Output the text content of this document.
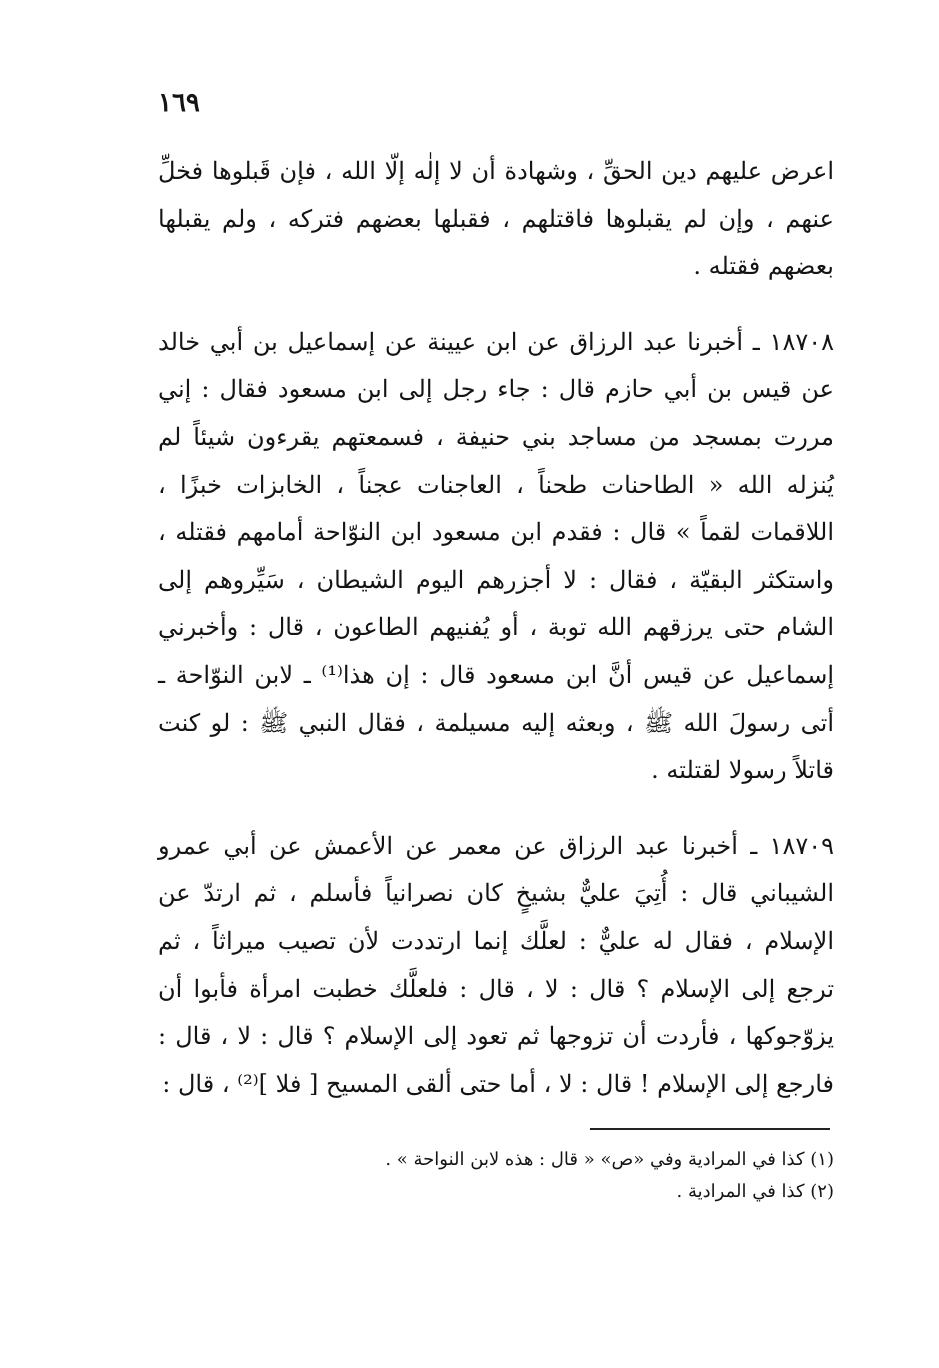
١٦٩

اعرض عليهم دين الحقِّ ، وشهادة أن لا إلٰه إلّا الله ، فإن قَبلوها فخلِّ عنهم ، وإن لم يقبلوها فاقتلهم ، فقبلها بعضهم فتركه ، ولم يقبلها بعضهم فقتله .

١٨٧٠٨ ـ أخبرنا عبد الرزاق عن ابن عيينة عن إسماعيل بن أبي خالد عن قيس بن أبي حازم قال : جاء رجل إلى ابن مسعود فقال : إني مررت بمسجد من مساجد بني حنيفة ، فسمعتهم يقرءون شيئاً لم يُنزله الله « الطاحنات طحناً ، العاجنات عجناً ، الخابزات خبزًا ، اللاقمات لقماً » قال : فقدم ابن مسعود ابن النوّاحة أمامهم فقتله ، واستكثر البقيّة ، فقال : لا أجزرهم اليوم الشيطان ، سَيِّروهم إلى الشام حتى يرزقهم الله توبة ، أو يُفنيهم الطاعون ، قال : وأخبرني إسماعيل عن قيس أنَّ ابن مسعود قال : إن هذا⁽¹⁾ ـ لابن النوّاحة ـ أتى رسولَ الله ﷺ ، وبعثه إليه مسيلمة ، فقال النبي ﷺ : لو كنت قاتلاً رسولا لقتلته .

١٨٧٠٩ ـ أخبرنا عبد الرزاق عن معمر عن الأعمش عن أبي عمرو الشيباني قال : أُتِيَ عليٌّ بشيخٍ كان نصرانياً فأسلم ، ثم ارتدّ عن الإسلام ، فقال له عليٌّ : لعلَّك إنما ارتددت لأن تصيب ميراثاً ، ثم ترجع إلى الإسلام ؟ قال : لا ، قال : فلعلَّك خطبت امرأة فأبوا أن يزوّجوكها ، فأردت أن تزوجها ثم تعود إلى الإسلام ؟ قال : لا ، قال : فارجع إلى الإسلام ! قال : لا ، أما حتى ألقى المسيح [ فلا ]⁽²⁾ ، قال :

(١) كذا في المرادية وفي «ص» « قال : هذه لابن النواحة » .

(٢) كذا في المرادية .
